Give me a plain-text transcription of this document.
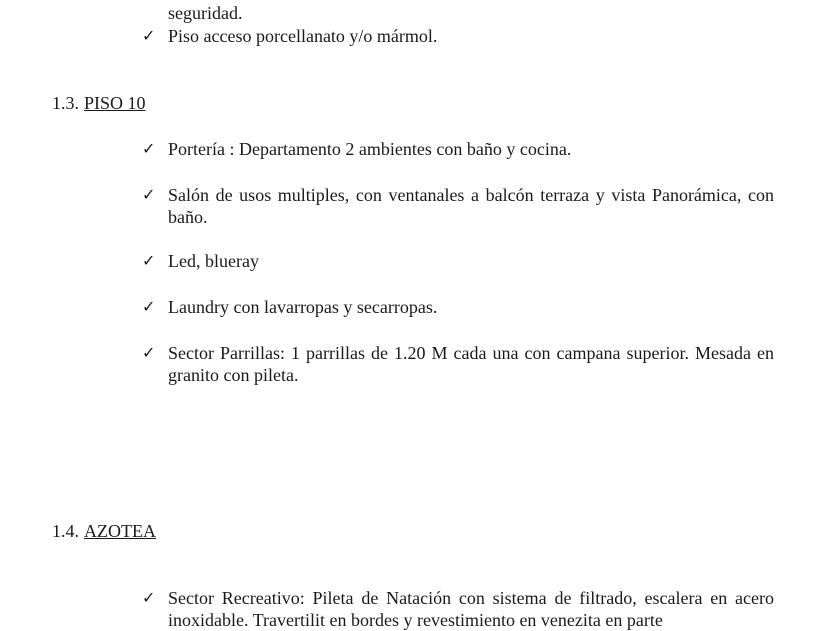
seguridad.
✓ Piso acceso porcellanato y/o mármol.
1.3. PISO 10
✓ Portería : Departamento 2 ambientes con baño y cocina.
✓ Salón de usos multiples, con ventanales a balcón terraza y vista Panorámica, con baño.
✓ Led, blueray
✓ Laundry con lavarropas y secarropas.
✓ Sector Parrillas: 1 parrillas de 1.20 M cada una con campana superior. Mesada en granito con pileta.
1.4. AZOTEA
✓ Sector Recreativo: Pileta de Natación con sistema de filtrado, escalera en acero inoxidable. Travertilit en bordes y revestimiento en venezita en parte
